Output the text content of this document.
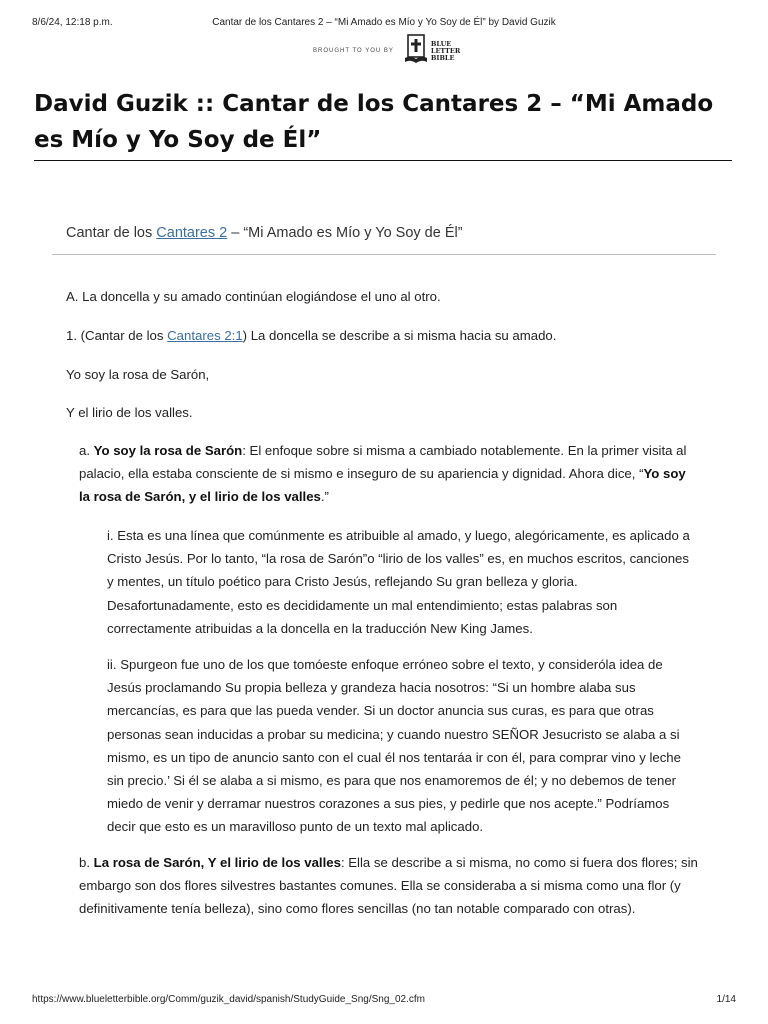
8/6/24, 12:18 p.m.	Cantar de los Cantares 2 – “Mi Amado es Mío y Yo Soy de Él” by David Guzik
BROUGHT TO YOU BY
BLUE
LETTER
BIBLE
David Guzik :: Cantar de los Cantares 2 – “Mi Amado es Mío y Yo Soy de Él”
Cantar de los Cantares 2 – “Mi Amado es Mío y Yo Soy de Él”

A. La doncella y su amado continúan elogiándose el uno al otro.

1. (Cantar de los Cantares 2:1) La doncella se describe a si misma hacia su amado.

Yo soy la rosa de Sarón,

Y el lirio de los valles.

a. Yo soy la rosa de Sarón: El enfoque sobre si misma a cambiado notablemente. En la primer visita al palacio, ella estaba consciente de si mismo e inseguro de su apariencia y dignidad. Ahora dice, “Yo soy la rosa de Sarón, y el lirio de los valles.”

i. Esta es una línea que comúnmente es atribuible al amado, y luego, alegóricamente, es aplicado a Cristo Jesús. Por lo tanto, “la rosa de Sarón”o “lirio de los valles” es, en muchos escritos, canciones y mentes, un título poético para Cristo Jesús, reflejando Su gran belleza y gloria. Desafortunadamente, esto es decididamente un mal entendimiento; estas palabras son correctamente atribuidas a la doncella en la traducción New King James.

ii. Spurgeon fue uno de los que tomóeste enfoque erróneo sobre el texto, y consideróla idea de Jesús proclamando Su propia belleza y grandeza hacia nosotros: “Si un hombre alaba sus mercancías, es para que las pueda vender. Si un doctor anuncia sus curas, es para que otras personas sean inducidas a probar su medicina; y cuando nuestro SEÑOR Jesucristo se alaba a si mismo, es un tipo de anuncio santo con el cual él nos tentaráa ir con él, para comprar vino y leche sin precio.’ Si él se alaba a si mismo, es para que nos enamoremos de él; y no debemos de tener miedo de venir y derramar nuestros corazones a sus pies, y pedirle que nos acepte.” Podríamos decir que esto es un maravilloso punto de un texto mal aplicado.

b. La rosa de Sarón, Y el lirio de los valles: Ella se describe a si misma, no como si fuera dos flores; sin embargo son dos flores silvestres bastantes comunes. Ella se consideraba a si misma como una flor (y definitivamente tenía belleza), sino como flores sencillas (no tan notable comparado con otras).

https://www.blueletterbible.org/Comm/guzik_david/spanish/StudyGuide_Sng/Sng_02.cfm	1/14
